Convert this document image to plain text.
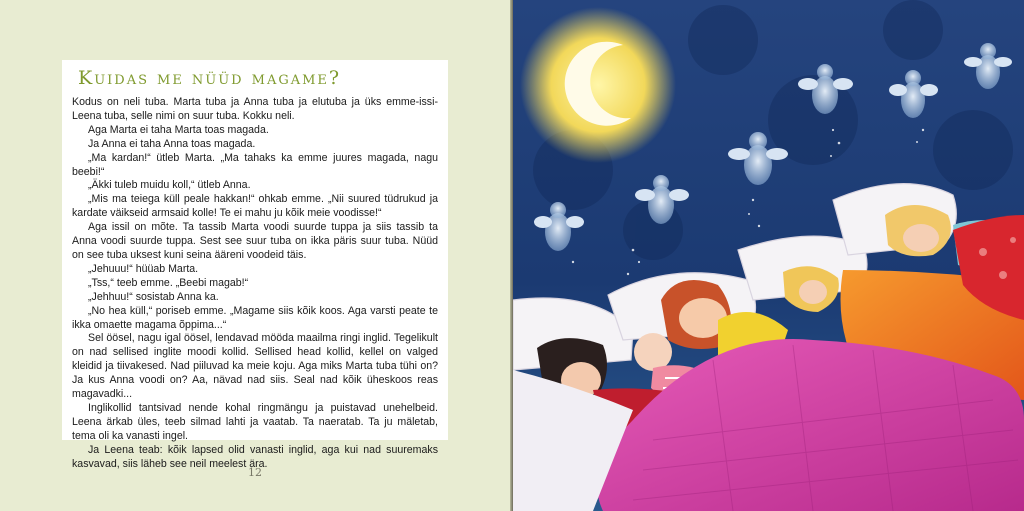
Kuidas me nüüd magame?

Kodus on neli tuba. Marta tuba ja Anna tuba ja elutuba ja üks emme-issi-Leena tuba, selle nimi on suur tuba. Kokku neli.

Aga Marta ei taha Marta toas magada.

Ja Anna ei taha Anna toas magada.

„Ma kardan!“ ütleb Marta. „Ma tahaks ka emme juures magada, nagu beebi!“

„Äkki tuleb muidu koll,“ ütleb Anna.

„Mis ma teiega küll peale hakkan!“ ohkab emme. „Nii suured tüdrukud ja kardate väikseid armsaid kolle! Te ei mahu ju kõik meie voodisse!“

Aga issil on mõte. Ta tassib Marta voodi suurde tuppa ja siis tassib ta Anna voodi suurde tuppa. Sest see suur tuba on ikka päris suur tuba. Nüüd on see tuba uksest kuni seina ääreni voodeid täis.

„Jehuuu!“ hüüab Marta.

„Tss,“ teeb emme. „Beebi magab!“

„Jehhuu!“ sosistab Anna ka.

„No hea küll,“ poriseb emme. „Magame siis kõik koos. Aga varsti peate te ikka omaette magama õppima...“

Sel öösel, nagu igal öösel, lendavad mööda maailma ringi inglid. Tegelikult on nad sellised inglite moodi kollid. Sellised head kollid, kellel on valged kleidid ja tiivakesed. Nad piiluvad ka meie koju. Aga miks Marta tuba tühi on? Ja kus Anna voodi on? Aa, nävad nad siis. Seal nad kõik üheskoos reas magavadki...

Inglikollid tantsivad nende kohal ringmängu ja puistavad unehelbeid. Leena ärkab üles, teeb silmad lahti ja vaatab. Ta naeratab. Ta ju mäletab, tema oli ka vanasti ingel.

Ja Leena teab: kõik lapsed olid vanasti inglid, aga kui nad suuremaks kasvavad, siis läheb see neil meelest ära.

12
